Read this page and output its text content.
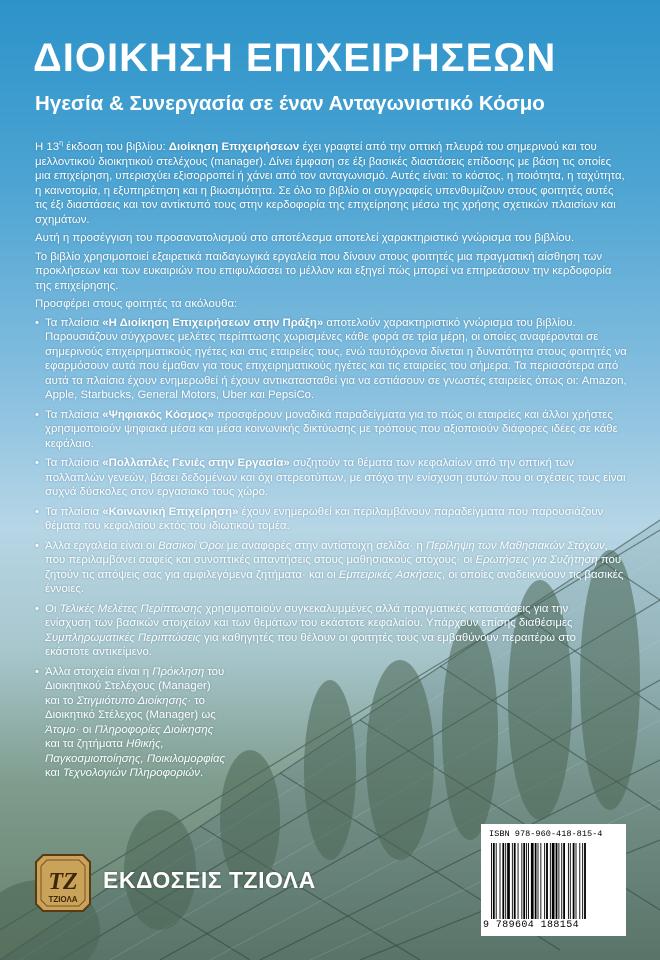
ΔΙΟΙΚΗΣΗ ΕΠΙΧΕΙΡΗΣΕΩΝ
Ηγεσία & Συνεργασία σε έναν Ανταγωνιστικό Κόσμο

Η $13^\eta$ έκδοση του βιβλίου: Διοίκηση Επιχειρήσεων έχει γραφτεί από την οπτική πλευρά του σημερινού και του μελλοντικού διοικητικού στελέχους (manager). Δίνει έμφαση σε έξι βασικές διαστάσεις επίδοσης με βάση τις οποίες μια επιχείρηση, υπερισχύει εξισορροπεί ή χάνει από τον ανταγωνισμό. Αυτές είναι: το κόστος, η ποιότητα, η ταχύτητα, η καινοτομία, η εξυπηρέτηση και η βιωσιμότητα. Σε όλο το βιβλίο οι συγγραφείς υπενθυμίζουν στους φοιτητές αυτές τις έξι διαστάσεις και τον αντίκτυπό τους στην κερδοφορία της επιχείρησης μέσω της χρήσης σχετικών πλαισίων και σχημάτων.

Αυτή η προσέγγιση του προσανατολισμού στο αποτέλεσμα αποτελεί χαρακτηριστικό γνώρισμα του βιβλίου.

Το βιβλίο χρησιμοποιεί εξαιρετικά παιδαγωγικά εργαλεία που δίνουν στους φοιτητές μια πραγματική αίσθηση των προκλήσεων και των ευκαιριών που επιφυλάσσει το μέλλον και εξηγεί πώς μπορεί να επηρεάσουν την κερδοφορία της επιχείρησης.

Προσφέρει στους φοιτητές τα ακόλουθα:

• Τα πλαίσια «Η Διοίκηση Επιχειρήσεων στην Πράξη» αποτελούν χαρακτηριστικό γνώρισμα του βιβλίου. Παρουσιάζουν σύγχρονες μελέτες περίπτωσης χωρισμένες κάθε φορά σε τρία μέρη, οι οποίες αναφέρονται σε σημερινούς επιχειρηματικούς ηγέτες και στις εταιρείες τους, ενώ ταυτόχρονα δίνεται η δυνατότητα στους φοιτητές να εφαρμόσουν αυτά που έμαθαν για τους επιχειρηματικούς ηγέτες και τις εταιρείες του σήμερα. Τα περισσότερα από αυτά τα πλαίσια έχουν ενημερωθεί ή έχουν αντικατασταθεί για να εστιάσουν σε γνωστές εταιρείες όπως οι: Amazon, Apple, Starbucks, General Motors, Uber και PepsiCo.
• Τα πλαίσια «Ψηφιακός Κόσμος» προσφέρουν μοναδικά παραδείγματα για το πώς οι εταιρείες και άλλοι χρήστες χρησιμοποιούν ψηφιακά μέσα και μέσα κοινωνικής δικτύωσης με τρόπους που αξιοποιούν διάφορες ιδέες σε κάθε κεφάλαιο.
• Τα πλαίσια «Πολλαπλές Γενιές στην Εργασία» συζητούν τα θέματα των κεφαλαίων από την οπτική των πολλαπλών γενεών, βάσει δεδομένων και όχι στερεοτύπων, με στόχο την ενίσχυση αυτών που οι σχέσεις τους είναι συχνά δύσκολες στον εργασιακό τους χώρο.
• Τα πλαίσια «Κοινωνική Επιχείρηση» έχουν ενημερωθεί και περιλαμβάνουν παραδείγματα που παρουσιάζουν θέματα του κεφαλαίου εκτός του ιδιωτικού τομέα.
• Άλλα εργαλεία είναι οι Βασικοί Όροι με αναφορές στην αντίστοιχη σελίδα· η Περίληψη των Μαθησιακών Στόχων, που περιλαμβάνει σαφείς και συνοπτικές απαντήσεις στους μαθησιακούς στόχους· οι Ερωτήσεις για Συζήτηση που ζητούν τις απόψεις σας για αμφιλεγόμενα ζητήματα· και οι Εμπειρικές Ασκήσεις, οι οποίες αναδεικνύουν τις βασικές έννοιες.
• Οι Τελικές Μελέτες Περίπτωσης χρησιμοποιούν συγκεκαλυμμένες αλλά πραγματικές καταστάσεις για την ενίσχυση των βασικών στοιχείων και των θεμάτων του εκάστοτε κεφαλαίου. Υπάρχουν επίσης διαθέσιμες Συμπληρωματικές Περιπτώσεις για καθηγητές που θέλουν οι φοιτητές τους να εμβαθύνουν περαιτέρω στο εκάστοτε αντικείμενο.
• Άλλα στοιχεία είναι η Πρόκληση του Διοικητικού Στελέχους (Manager) και το Στιγμιότυπο Διοίκησης· το Διοικητικό Στέλεχος (Manager) ως Άτομο· οι Πληροφορίες Διοίκησης και τα ζητήματα Ηθικής, Παγκοσμιοποίησης, Ποικιλομορφίας και Τεχνολογιών Πληροφοριών.
ISBN 978-960-418-815-4
9 789604 188154
ΤΖ
ΤΖΙΟΛΑ
ΕΚΔΟΣΕΙΣ ΤΖΙΟΛΑ
